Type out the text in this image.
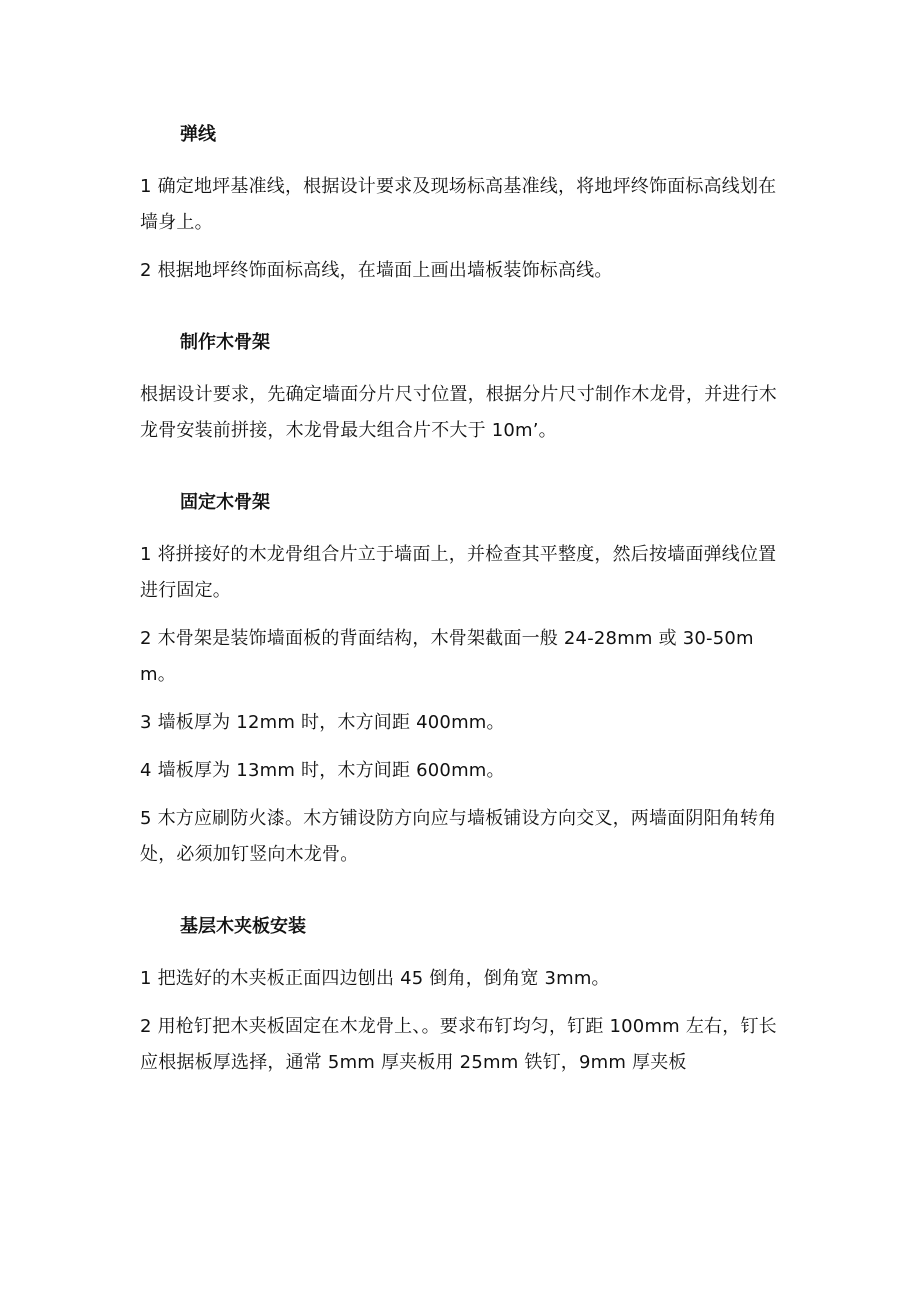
弹线

1 确定地坪基准线，根据设计要求及现场标高基准线，将地坪终饰面标高线划在墙身上。

2 根据地坪终饰面标高线，在墙面上画出墙板装饰标高线。

制作木骨架

根据设计要求，先确定墙面分片尺寸位置，根据分片尺寸制作木龙骨，并进行木龙骨安装前拼接，木龙骨最大组合片不大于 10m’。

固定木骨架

1 将拼接好的木龙骨组合片立于墙面上，并检查其平整度，然后按墙面弹线位置进行固定。

2 木骨架是装饰墙面板的背面结构，木骨架截面一般 24-28mm 或 30-50mm。

3 墙板厚为 12mm 时，木方间距 400mm。

4 墙板厚为 13mm 时，木方间距 600mm。

5 木方应刷防火漆。木方铺设防方向应与墙板铺设方向交叉，两墙面阴阳角转角处，必须加钉竖向木龙骨。

基层木夹板安装

1 把选好的木夹板正面四边刨出 45 倒角，倒角宽 3mm。

2 用枪钉把木夹板固定在木龙骨上、。要求布钉均匀，钉距 100mm 左右，钉长应根据板厚选择，通常 5mm 厚夹板用 25mm 铁钉，9mm 厚夹板
